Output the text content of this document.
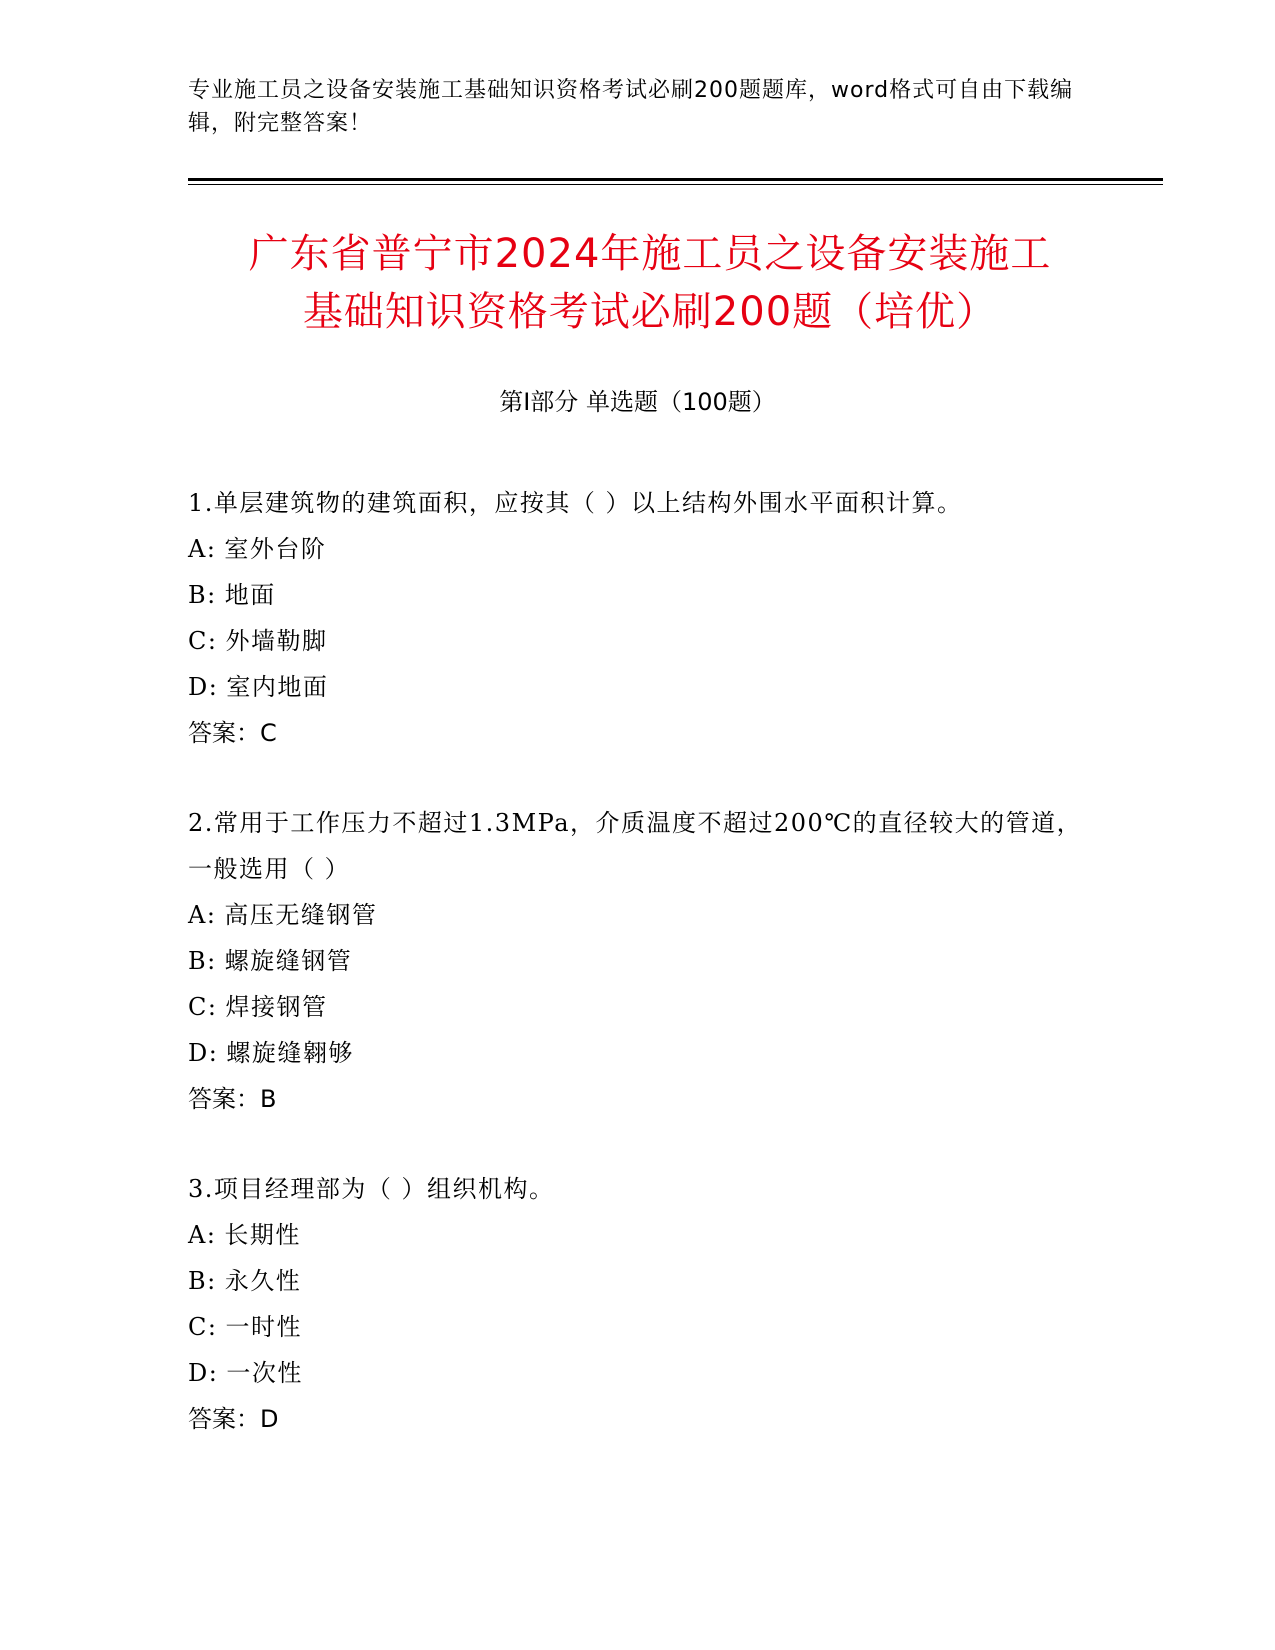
专业施工员之设备安装施工基础知识资格考试必刷200题题库，word格式可自由下载编辑，附完整答案！
广东省普宁市2024年施工员之设备安装施工
基础知识资格考试必刷200题（培优）
第Ⅰ部分 单选题（100题）

1.单层建筑物的建筑面积，应按其（ ）以上结构外围水平面积计算。

A: 室外台阶

B: 地面

C: 外墙勒脚

D: 室内地面

答案：C

2.常用于工作压力不超过1.3MPa，介质温度不超过200℃的直径较大的管道，一般选用（ ）

A: 高压无缝钢管

B: 螺旋缝钢管

C: 焊接钢管

D: 螺旋缝翱够

答案：B

3.项目经理部为（ ）组织机构。

A: 长期性

B: 永久性

C: 一时性

D: 一次性

答案：D
